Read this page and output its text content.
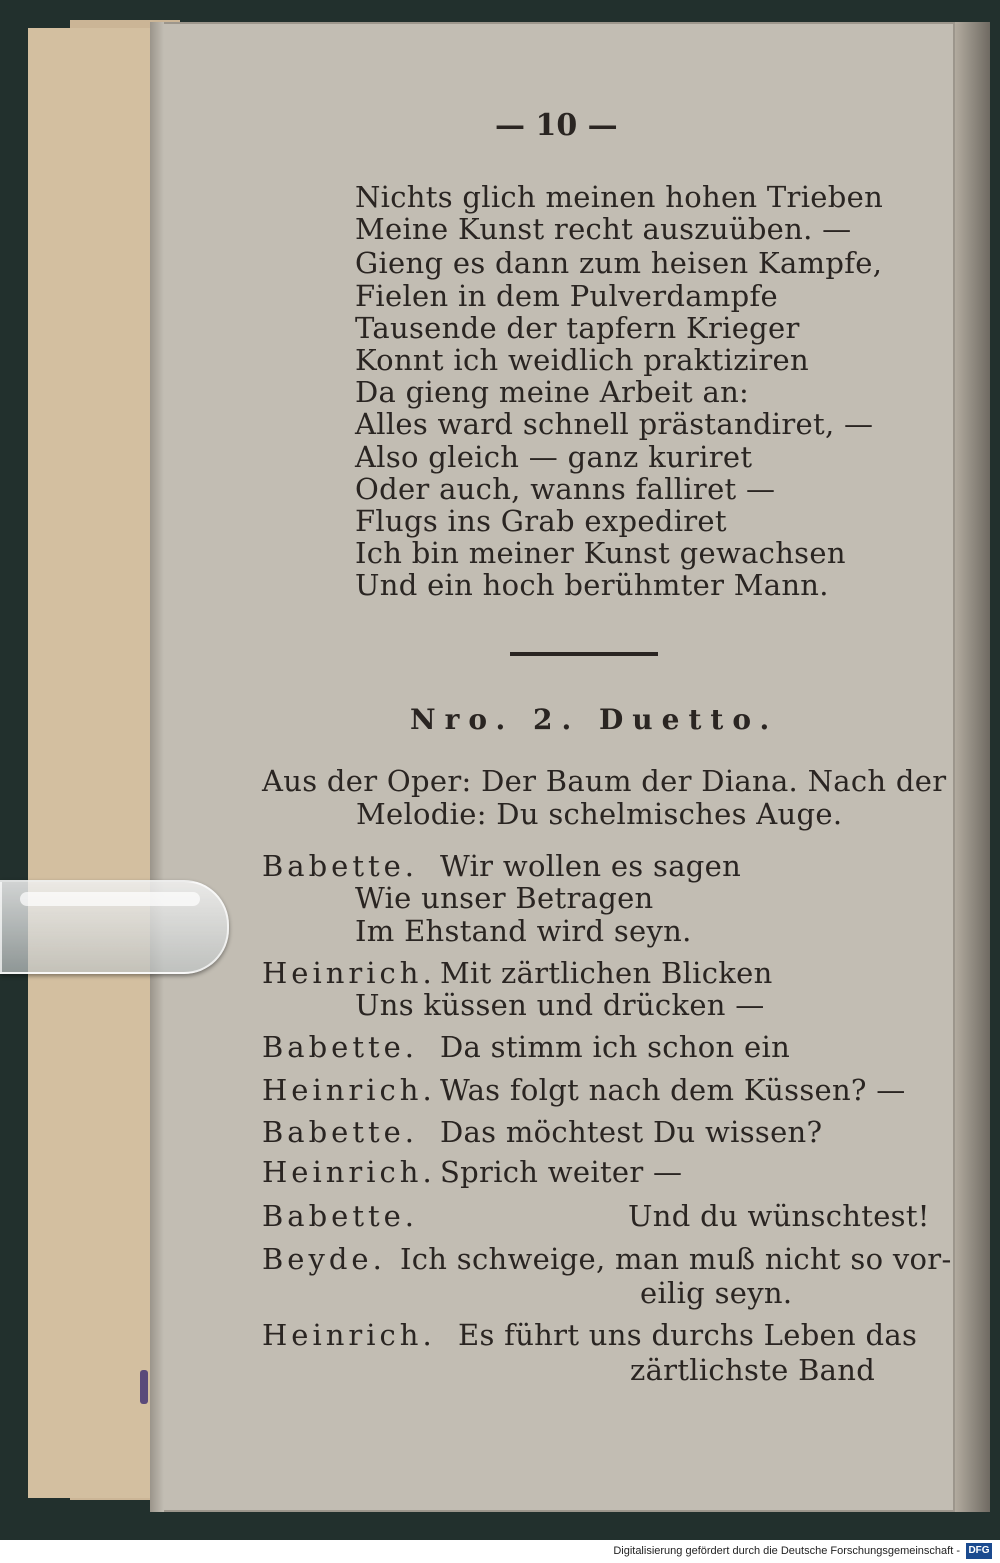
— 10 —
Nichts glich meinen hohen Trieben
Meine Kunst recht auszuüben. —
Gieng es dann zum heisen Kampfe,
Fielen in dem Pulverdampfe
Tausende der tapfern Krieger
Konnt ich weidlich praktiziren
Da gieng meine Arbeit an:
Alles ward schnell prästandiret, —
Also gleich — ganz kuriret
Oder auch, wanns falliret —
Flugs ins Grab expediret
Ich bin meiner Kunst gewachsen
Und ein hoch berühmter Mann.
Nro. 2. Duetto.
Aus der Oper: Der Baum der Diana. Nach der
Melodie: Du schelmisches Auge.
Babette. Wir wollen es sagen
Wie unser Betragen
Im Ehstand wird seyn.
Heinrich. Mit zärtlichen Blicken
Uns küssen und drücken —
Babette. Da stimm ich schon ein
Heinrich. Was folgt nach dem Küssen? —
Babette. Das möchtest Du wissen?
Heinrich. Sprich weiter —
Babette.	Und du wünschtest!
Beyde. Ich schweige, man muß nicht so vor-
eilig seyn.
Heinrich. Es führt uns durchs Leben das
zärtlichste Band
Digitalisierung gefördert durch die Deutsche Forschungsgemeinschaft - DFG
